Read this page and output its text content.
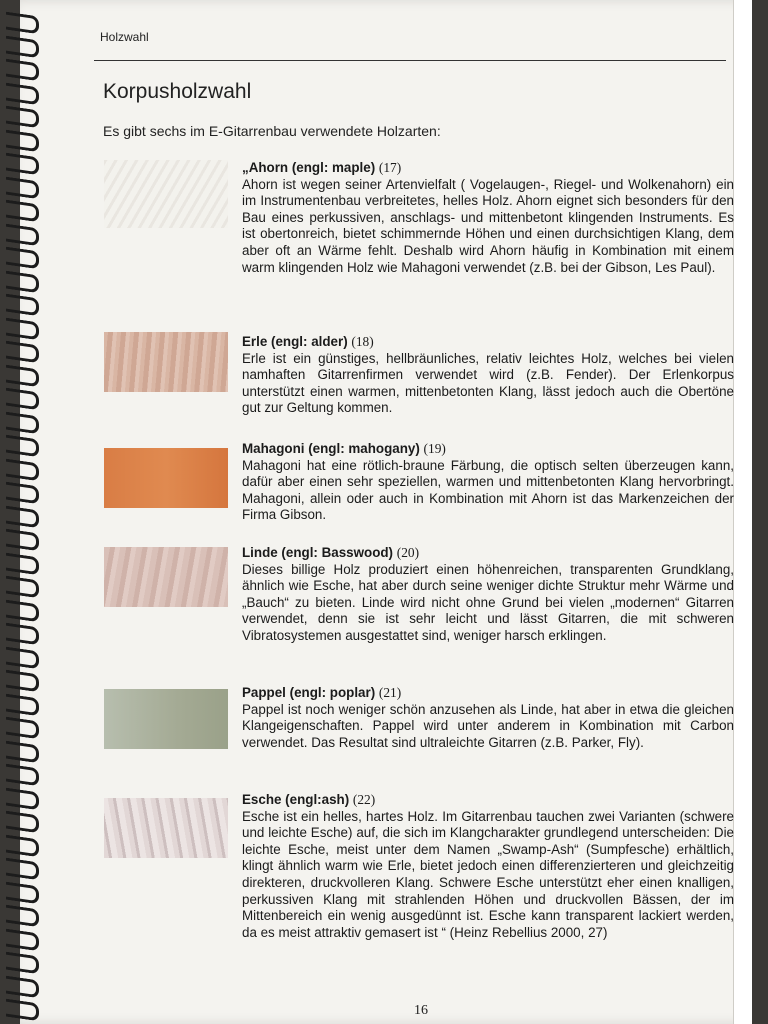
Holzwahl
Korpusholzwahl
Es gibt sechs im E-Gitarrenbau verwendete Holzarten:
„Ahorn (engl: maple) (17)
Ahorn ist wegen seiner Artenvielfalt ( Vogelaugen-, Riegel- und Wolkenahorn) ein im Instrumentenbau verbreitetes, helles Holz. Ahorn eignet sich besonders für den Bau eines perkussiven, anschlags- und mittenbetont klingenden Instruments. Es ist obertonreich, bietet schimmernde Höhen und einen durchsichtigen Klang, dem aber oft an Wärme fehlt. Deshalb wird Ahorn häufig in Kombination mit einem warm klingenden Holz wie Mahagoni verwendet (z.B. bei der Gibson, Les Paul).
Erle (engl: alder) (18)
Erle ist ein günstiges, hellbräunliches, relativ leichtes Holz, welches bei vielen namhaften Gitarrenfirmen verwendet wird (z.B. Fender). Der Erlenkorpus unterstützt einen warmen, mittenbetonten Klang, lässt jedoch auch die Obertöne gut zur Geltung kommen.
Mahagoni (engl: mahogany) (19)
Mahagoni hat eine rötlich-braune Färbung, die optisch selten überzeugen kann, dafür aber einen sehr speziellen, warmen und mittenbetonten Klang hervorbringt. Mahagoni, allein oder auch in Kombination mit Ahorn ist das Markenzeichen der Firma Gibson.
Linde (engl: Basswood) (20)
Dieses billige Holz produziert einen höhenreichen, transparenten Grundklang, ähnlich wie Esche, hat aber durch seine weniger dichte Struktur mehr Wärme und „Bauch“ zu bieten. Linde wird nicht ohne Grund bei vielen „modernen“ Gitarren verwendet, denn sie ist sehr leicht und lässt Gitarren, die mit schweren Vibratosystemen ausgestattet sind, weniger harsch erklingen.
Pappel (engl: poplar) (21)
Pappel ist noch weniger schön anzusehen als Linde, hat aber in etwa die gleichen Klangeigenschaften. Pappel wird unter anderem in Kombination mit Carbon verwendet. Das Resultat sind ultraleichte Gitarren (z.B. Parker, Fly).
Esche (engl:ash) (22)
Esche ist ein helles, hartes Holz. Im Gitarrenbau tauchen zwei Varianten (schwere und leichte Esche) auf, die sich im Klangcharakter grundlegend unterscheiden: Die leichte Esche, meist unter dem Namen „Swamp-Ash“ (Sumpfesche) erhältlich, klingt ähnlich warm wie Erle, bietet jedoch einen differenzierteren und gleichzeitig direkteren, druckvolleren Klang. Schwere Esche unterstützt eher einen knalligen, perkussiven Klang mit strahlenden Höhen und druckvollen Bässen, der im Mittenbereich ein wenig ausgedünnt ist. Esche kann transparent lackiert werden, da es meist attraktiv gemasert ist “ (Heinz Rebellius 2000, 27)
16
